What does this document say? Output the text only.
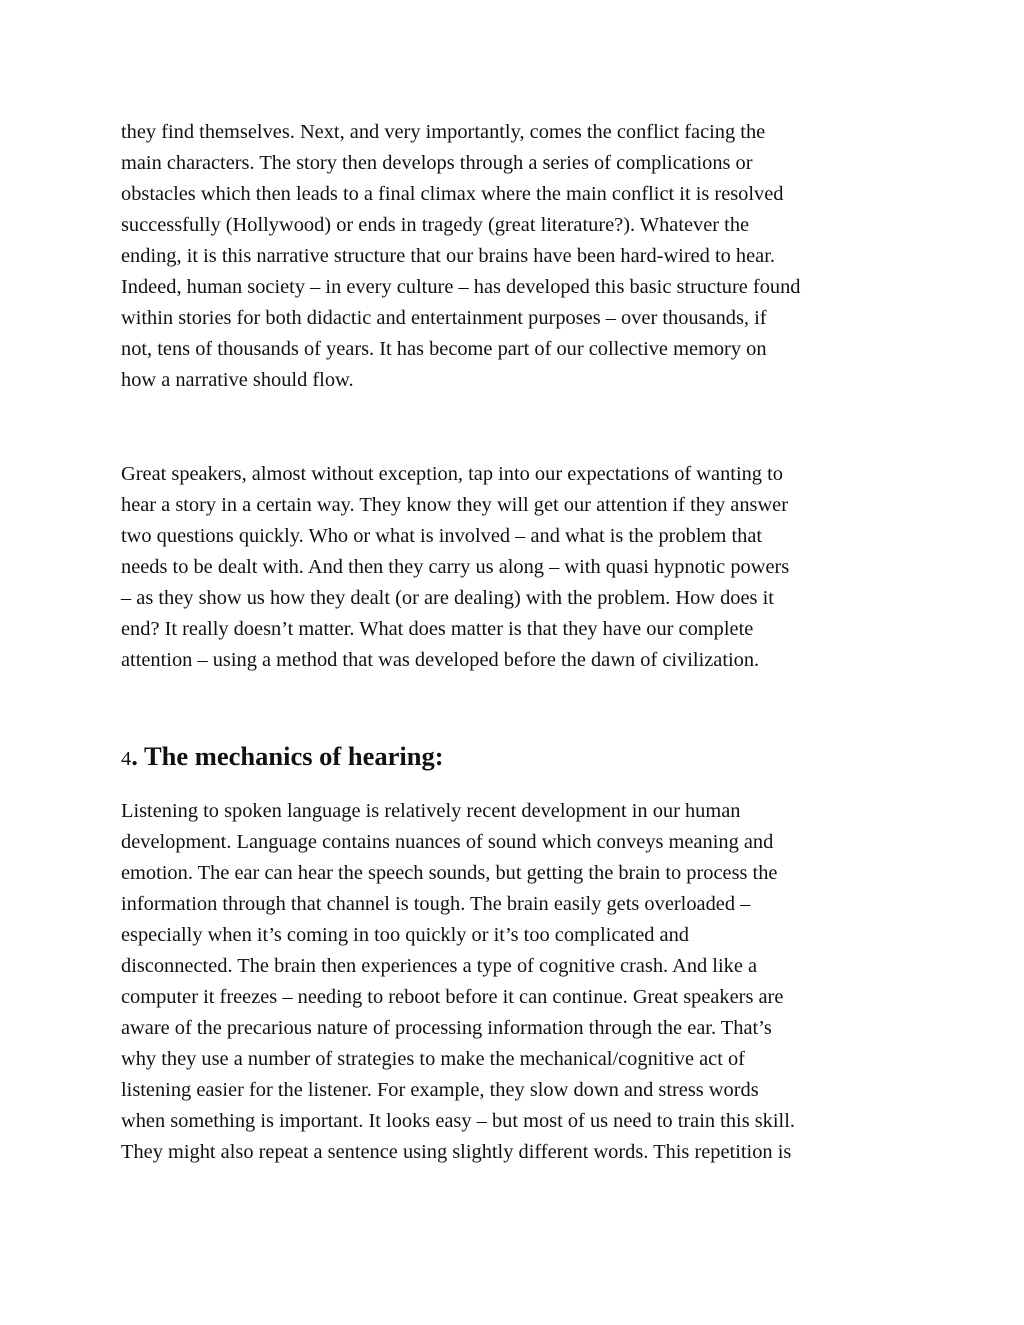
they find themselves. Next, and very importantly, comes the conflict facing the
main characters. The story then develops through a series of complications or
obstacles which then leads to a final climax where the main conflict it is resolved
successfully (Hollywood) or ends in tragedy (great literature?). Whatever the
ending, it is this narrative structure that our brains have been hard-wired to hear.
Indeed, human society – in every culture – has developed this basic structure found
within stories for both didactic and entertainment purposes – over thousands, if
not, tens of thousands of years. It has become part of our collective memory on
how a narrative should flow.

Great speakers, almost without exception, tap into our expectations of wanting to
hear a story in a certain way. They know they will get our attention if they answer
two questions quickly. Who or what is involved – and what is the problem that
needs to be dealt with. And then they carry us along – with quasi hypnotic powers
– as they show us how they dealt (or are dealing) with the problem. How does it
end? It really doesn’t matter. What does matter is that they have our complete
attention – using a method that was developed before the dawn of civilization.

4. The mechanics of hearing:

Listening to spoken language is relatively recent development in our human
development. Language contains nuances of sound which conveys meaning and
emotion. The ear can hear the speech sounds, but getting the brain to process the
information through that channel is tough. The brain easily gets overloaded –
especially when it’s coming in too quickly or it’s too complicated and
disconnected. The brain then experiences a type of cognitive crash. And like a
computer it freezes – needing to reboot before it can continue. Great speakers are
aware of the precarious nature of processing information through the ear. That’s
why they use a number of strategies to make the mechanical/cognitive act of
listening easier for the listener. For example, they slow down and stress words
when something is important. It looks easy – but most of us need to train this skill.
They might also repeat a sentence using slightly different words. This repetition is
